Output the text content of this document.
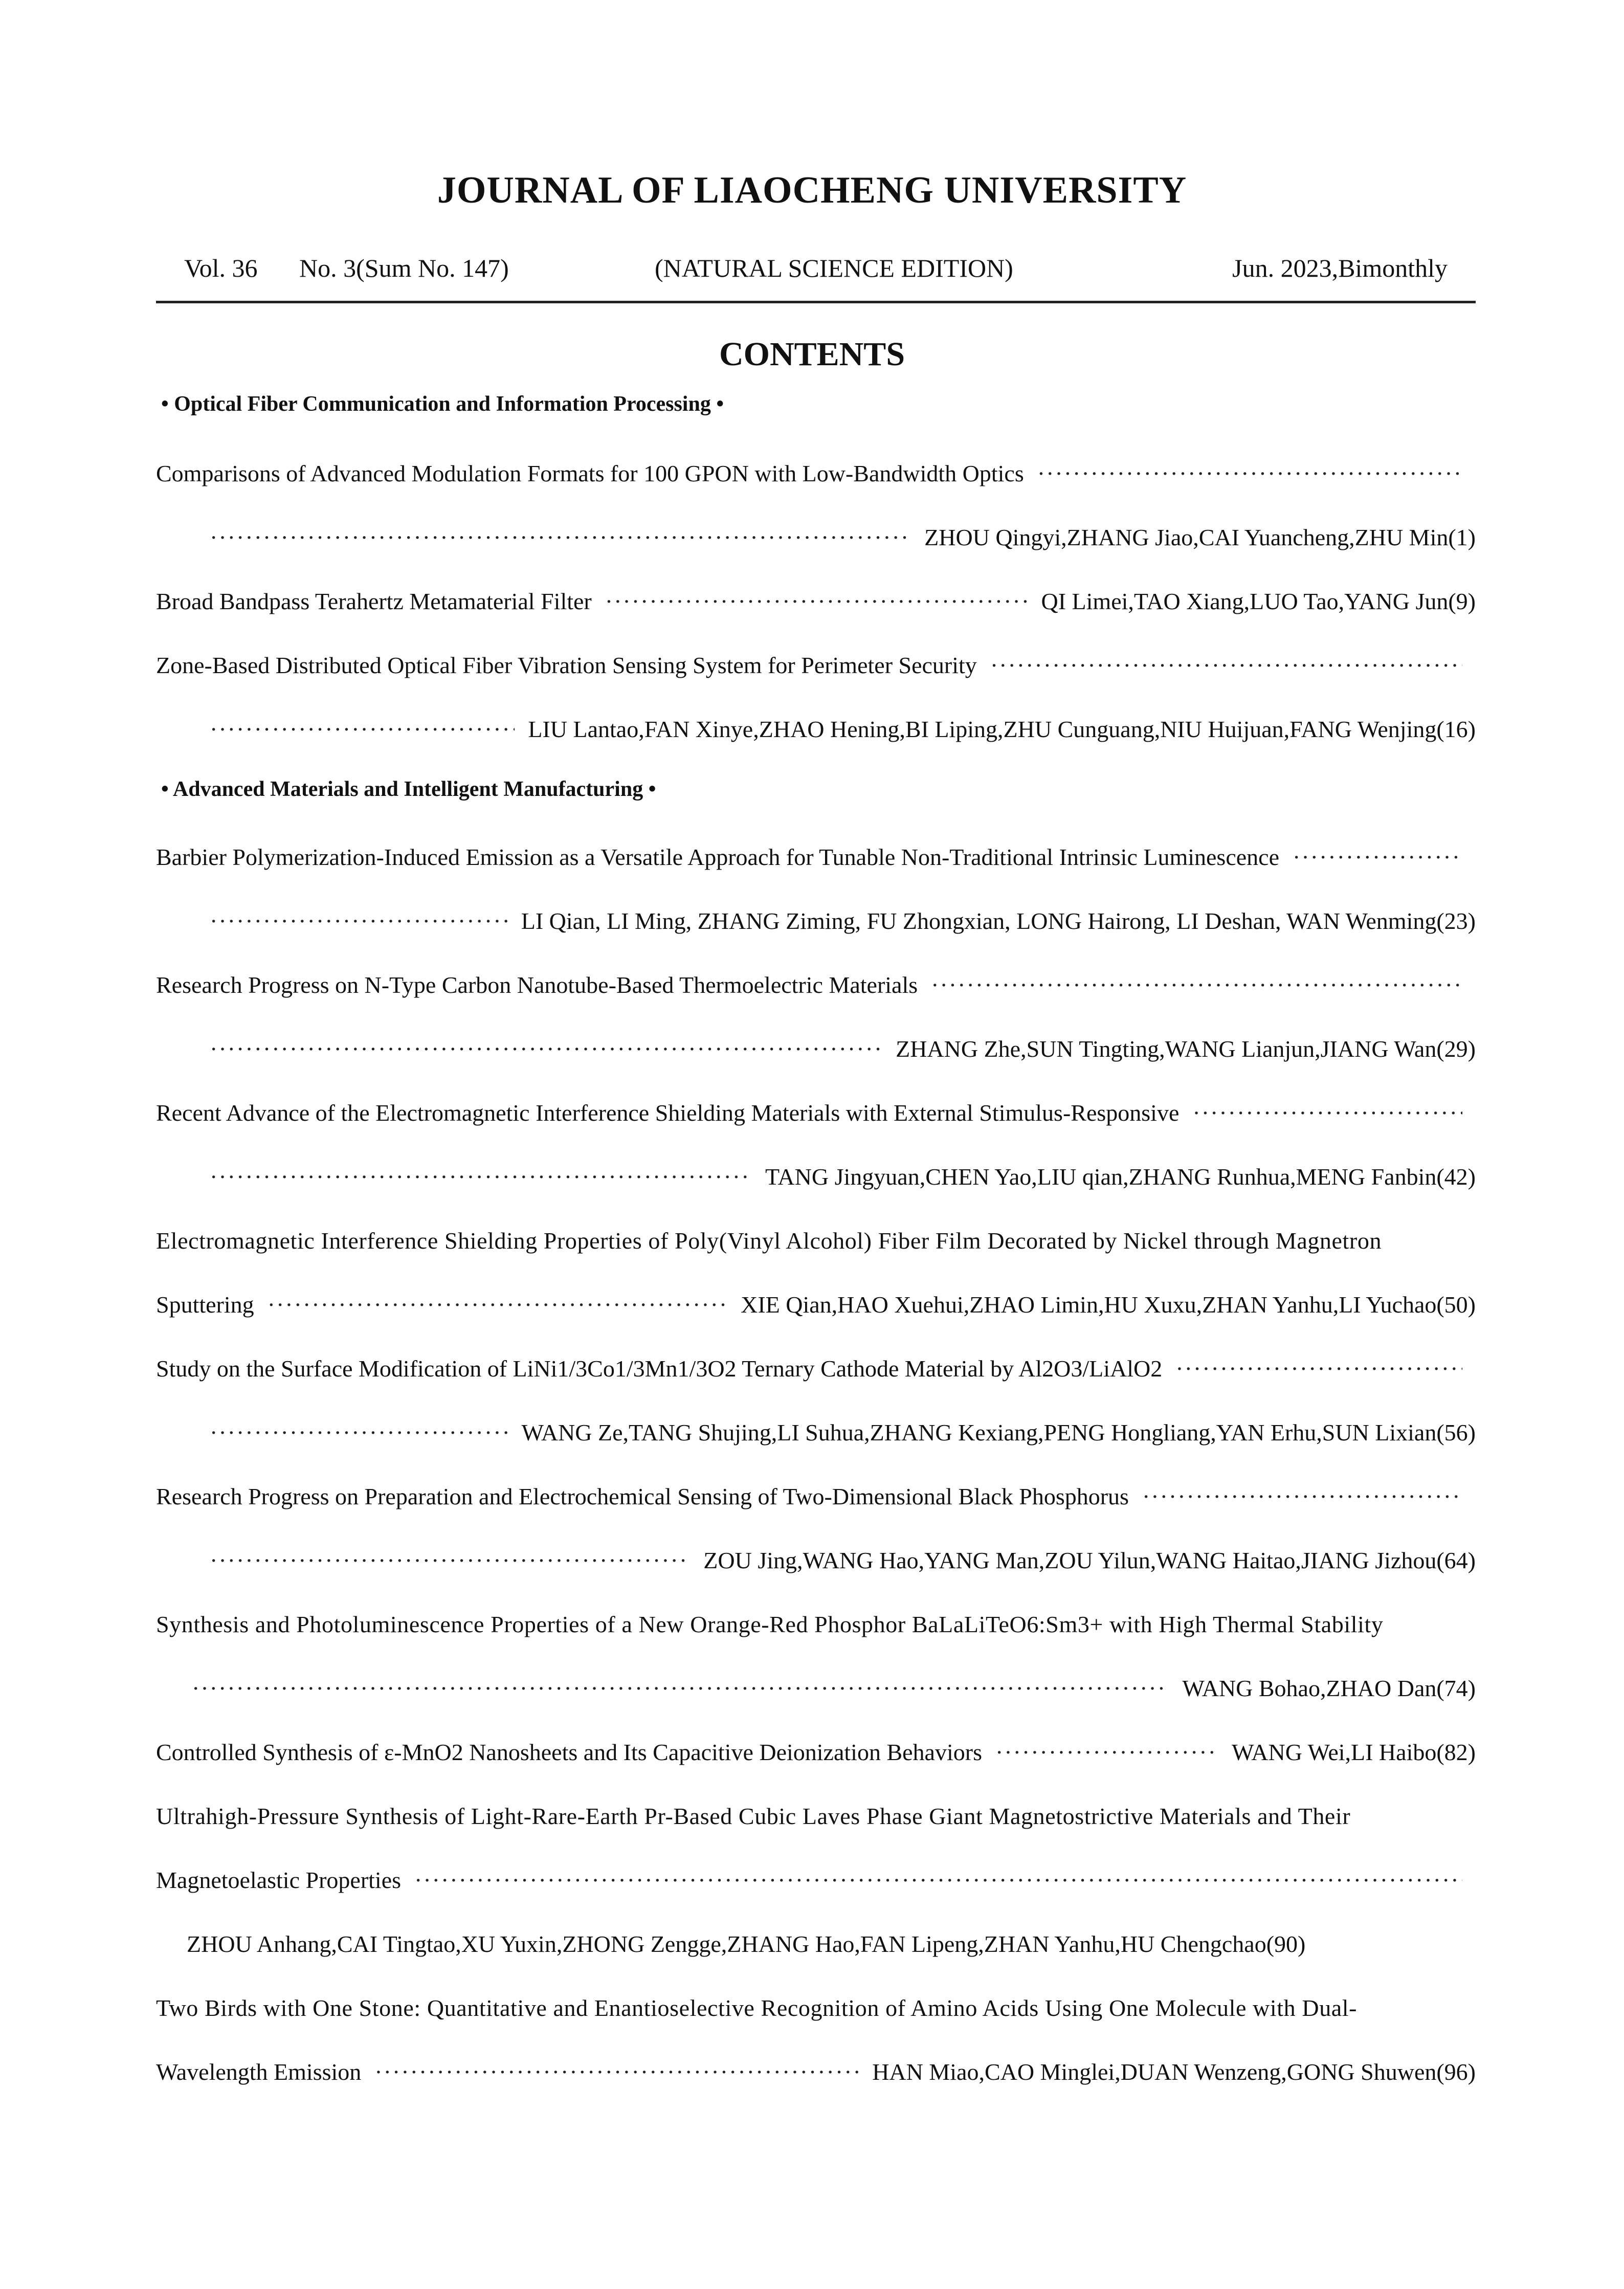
JOURNAL OF LIAOCHENG UNIVERSITY
Vol. 36 No. 3(Sum No. 147)	(NATURAL SCIENCE EDITION)	Jun. 2023,Bimonthly
CONTENTS
• Optical Fiber Communication and Information Processing •
Comparisons of Advanced Modulation Formats for 100 GPON with Low-Bandwidth Optics
·····
·····
ZHOU Qingyi,ZHANG Jiao,CAI Yuancheng,ZHU Min(1)
Broad Bandpass Terahertz Metamaterial Filter ·····	QI Limei,TAO Xiang,LUO Tao,YANG Jun(9)
Zone-Based Distributed Optical Fiber Vibration Sensing System for Perimeter Security
·····
·····
LIU Lantao,FAN Xinye,ZHAO Hening,BI Liping,ZHU Cunguang,NIU Huijuan,FANG Wenjing(16)
• Advanced Materials and Intelligent Manufacturing •
Barbier Polymerization-Induced Emission as a Versatile Approach for Tunable Non-Traditional Intrinsic Luminescence
·····
·····
LI Qian, LI Ming, ZHANG Ziming, FU Zhongxian, LONG Hairong, LI Deshan, WAN Wenming(23)
Research Progress on N-Type Carbon Nanotube-Based Thermoelectric Materials
·····
·····
ZHANG Zhe,SUN Tingting,WANG Lianjun,JIANG Wan(29)
Recent Advance of the Electromagnetic Interference Shielding Materials with External Stimulus-Responsive
·····
·····
TANG Jingyuan,CHEN Yao,LIU qian,ZHANG Runhua,MENG Fanbin(42)
Electromagnetic Interference Shielding Properties of Poly(Vinyl Alcohol) Fiber Film Decorated by Nickel through Magnetron
Sputtering ·····	XIE Qian,HAO Xuehui,ZHAO Limin,HU Xuxu,ZHAN Yanhu,LI Yuchao(50)
Study on the Surface Modification of LiNi1/3Co1/3Mn1/3O2 Ternary Cathode Material by Al2O3/LiAlO2
·····
·····
WANG Ze,TANG Shujing,LI Suhua,ZHANG Kexiang,PENG Hongliang,YAN Erhu,SUN Lixian(56)
Research Progress on Preparation and Electrochemical Sensing of Two-Dimensional Black Phosphorus
·····
·····
ZOU Jing,WANG Hao,YANG Man,ZOU Yilun,WANG Haitao,JIANG Jizhou(64)
Synthesis and Photoluminescence Properties of a New Orange-Red Phosphor BaLaLiTeO6:Sm3+ with High Thermal Stability
·····
WANG Bohao,ZHAO Dan(74)
Controlled Synthesis of ε-MnO2 Nanosheets and Its Capacitive Deionization Behaviors ·····	WANG Wei,LI Haibo(82)
Ultrahigh-Pressure Synthesis of Light-Rare-Earth Pr-Based Cubic Laves Phase Giant Magnetostrictive Materials and Their
Magnetoelastic Properties
·····
ZHOU Anhang,CAI Tingtao,XU Yuxin,ZHONG Zengge,ZHANG Hao,FAN Lipeng,ZHAN Yanhu,HU Chengchao(90)
Two Birds with One Stone: Quantitative and Enantioselective Recognition of Amino Acids Using One Molecule with Dual-
Wavelength Emission ·····	HAN Miao,CAO Minglei,DUAN Wenzeng,GONG Shuwen(96)
